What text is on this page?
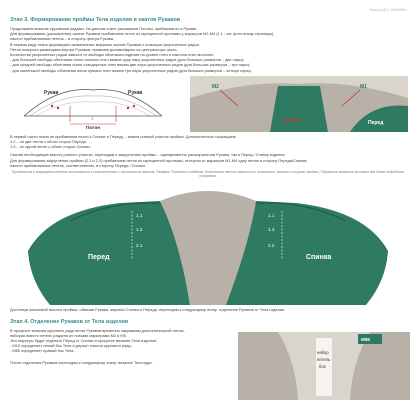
Фируза Д© | @ShiBlits
Этап 3. Формирование проймы Тела изделия и окатов Рукавов
Продолжаем вязание круговыми рядами. На данном этапе расширяем Погоны, прибавляя их в Рукава.
Для формирования (расширения) окатов Рукавов прибавляем петли из скрещенной протяжки у маркеров М1-М4 (1.1 - см. фото внизу страницы),
наклон прибавляемых петель – в сторону центра Рукава.
В первом ряду этапа формируем захваченные вершины окатов Рукавов с помощью укороченных рядов.
Петли поворота размещаем внутри Рукавов, прямыми долями/вдоль их центральную часть.
Количество укороченных рядов зависит от свободы облегания изделия на уровне плеч и наклона плеч молочек:
- для большей свободы облегания и/или покатых плеч вяжем одну пару укороченных рядов (для больших размеров – две пары);
- для средней свободы облегания и/или стандартных плеч вяжем две пары укороченных рядов (для больших размеров – три пары);
- для маленькой свободы облегания и/или прямых плеч вяжем три пары укороченных рядов (для больших размеров – четыре пары).
Рукав	Рукав
Погон
1
M2	M1
Спинка	Перед
В первой части этапа не прибавляем петли к Спинке и Переду – вяжем ровный участок проймы. Дополнительно сокращаем:
1.2 – по две петли с обоих сторон Переда,
1.3 – по одной петле с обоих сторон Спинки.
Связав необходимую высоту ровного участка, переходим к закруглению проймы – одновременно расширяем как Рукава, так и Перед / Спинку изделия.
Для формирования закругления проймы (2.1 и 2.2) прибавляем петли из скрещенной протяжки, отступая от маркеров М1-М4 одну петлю в сторону Переда/Спинки;
наклон прибавляемых петель, соответственно, в сторону Переда / Спинки.
Прибавления и сокращения петель вычисляются в соответствии с плотностью вязания, Размера, Ровности и Изделия. Количество петель зависит от плотности, высоты и ширины проймы. Обратите внимание на схемы для более подробного понимания.
Перед	Спинка
1.1
1.2
2.1
1.1
1.3
2.2
Достигнув желаемой высоты проймы, обвязав Рукава, ширины Спинки и Переда, переходим к следующему этапу: отделение Рукавов от Тела изделия.
Этап 4. Отделение Рукавов от Тела изделия
В процессе вязания кругового ряда петли Рукавов временно закрываем дополнительной нитью,
набирая вместо петель раздела их новыми маркерами M2 и М5.
Эти маркеры будут отделять Перед от Спинки в процессе вязания Тела изделия:
- M15 определяет левый бок Тела и держит начало кругового ряда,
- M85 определяет правый бок Тела.
После отделения Рукавов переходим к следующему этапу: вязание Тела вдух.
набор
петель
бок
M85
